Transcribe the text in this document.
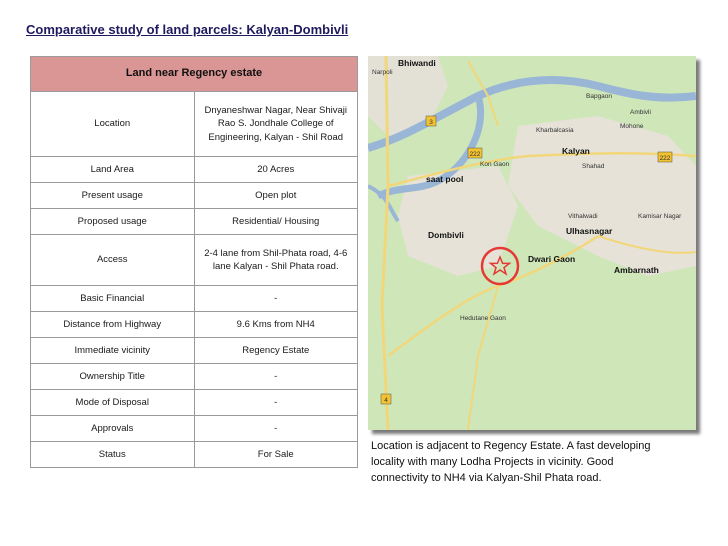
Comparative study of land parcels: Kalyan-Dombivli
Land near Regency estate	
Location	Dnyaneshwar Nagar, Near Shivaji Rao S. Jondhale College of Engineering, Kalyan - Shil Road
Land Area	20 Acres
Present usage	Open plot
Proposed usage	Residential/ Housing
Access	2-4 lane from Shil-Phata road, 4-6 lane Kalyan - Shil Phata road.
Basic Financial	-
Distance from Highway	9.6 Kms from NH4
Immediate vicinity	Regency Estate
Ownership Title	-
Mode of Disposal	-
Approvals	-
Status	For Sale
3
4
222
222
Bhiwandi
Narpoli
Bapgaon
Ambivli
Mohone
Kharbalcasia
Kalyan
Shahad
Kon Gaon
saat pool
Dombivli
Vithalwadi	Kamisar Nagar
Ulhasnagar
Dwari Gaon
Ambarnath
Hedutane Gaon
Location is adjacent to Regency Estate. A fast developing locality with many Lodha Projects in vicinity. Good connectivity to NH4 via Kalyan-Shil Phata road.
